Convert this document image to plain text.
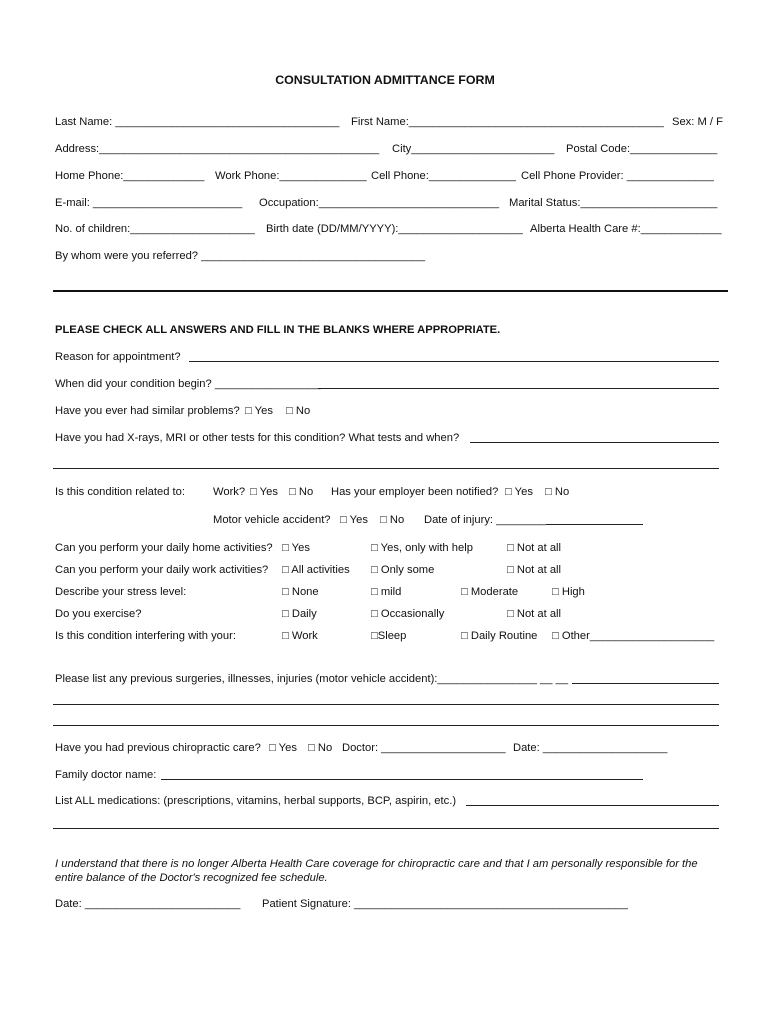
CONSULTATION ADMITTANCE FORM
Last Name: ____________________________________ First Name:_________________________________________ Sex: M / F
Address:_____________________________________________ City_______________________ Postal Code:______________
Home Phone:_____________ Work Phone:______________ Cell Phone:______________ Cell Phone Provider: ______________
E-mail: ________________________ Occupation:_____________________________ Marital Status:______________________
No. of children:____________________ Birth date (DD/MM/YYYY):____________________ Alberta Health Care #:_____________
By whom were you referred? ____________________________________
PLEASE CHECK ALL ANSWERS AND FILL IN THE BLANKS WHERE APPROPRIATE.
Reason for appointment?
When did your condition begin? _________________
Have you ever had similar problems? □ Yes □ No
Have you had X-rays, MRI or other tests for this condition? What tests and when?
Is this condition related to:	Work? □ Yes □ No Has your employer been notified? □ Yes □ No
Motor vehicle accident? □ Yes □ No Date of injury: ________
Can you perform your daily home activities? □ Yes	□ Yes, only with help	□ Not at all
Can you perform your daily work activities? □ All activities □ Only some	□ Not at all
Describe your stress level:	□ None	□ mild	□ Moderate	□ High
Do you exercise?	□ Daily	□ Occasionally	□ Not at all
Is this condition interfering with your:	□ Work	□Sleep	□ Daily Routine □ Other____________________
Please list any previous surgeries, illnesses, injuries (motor vehicle accident):________________ __ __
Have you had previous chiropractic care? □ Yes □ No Doctor: ____________________ Date: ____________________
Family doctor name:
List ALL medications: (prescriptions, vitamins, herbal supports, BCP, aspirin, etc.)
I understand that there is no longer Alberta Health Care coverage for chiropractic care and that I am personally responsible for the entire balance of the Doctor's recognized fee schedule.
Date: _________________________ Patient Signature: ____________________________________________
